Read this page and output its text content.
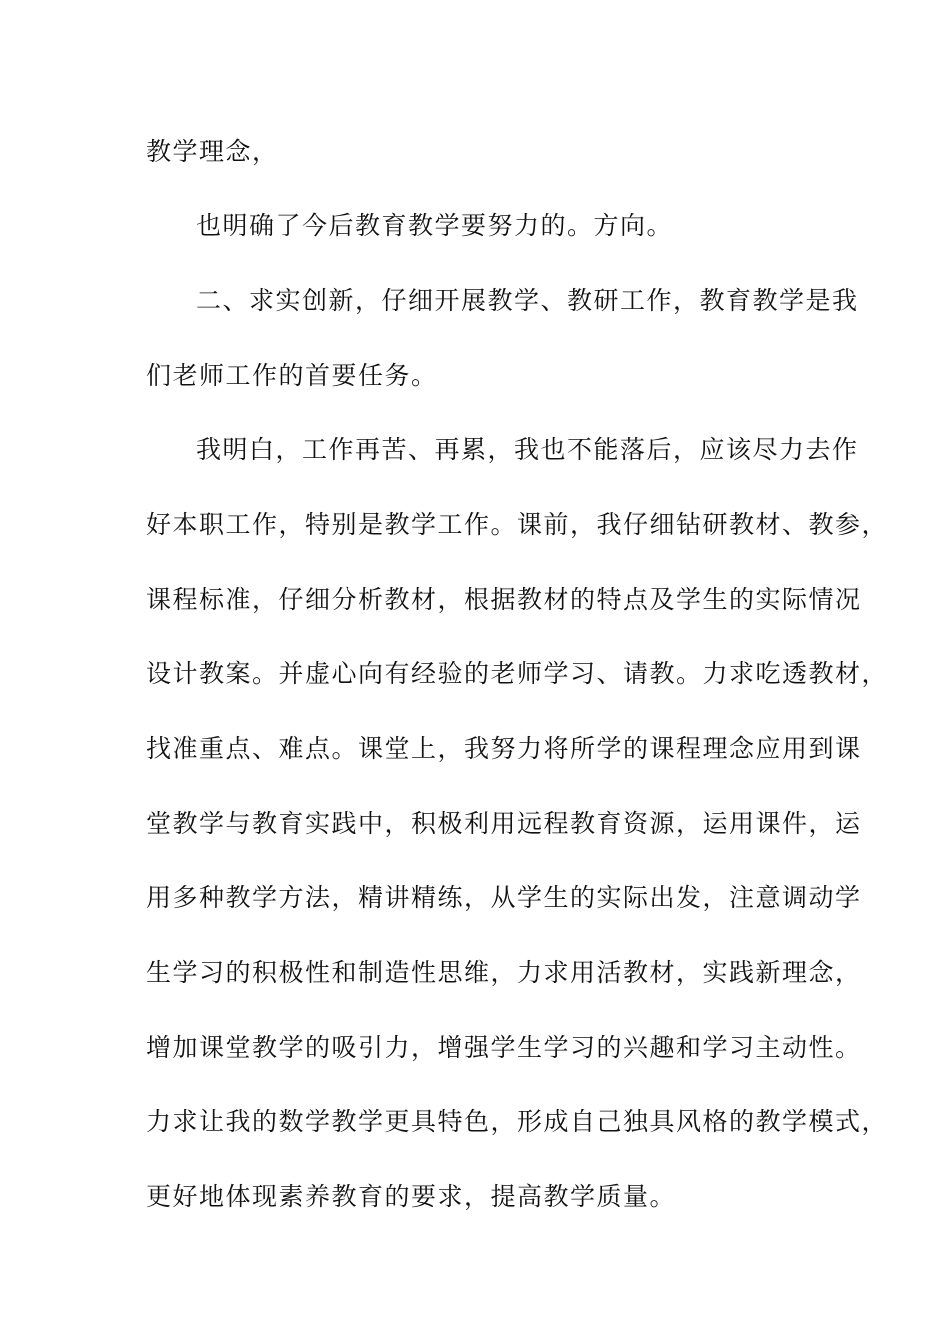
教学理念，
也明确了今后教育教学要努力的。方向。
二、求实创新，仔细开展教学、教研工作，教育教学是我
们老师工作的首要任务。
我明白，工作再苦、再累，我也不能落后，应该尽力去作
好本职工作，特别是教学工作。课前，我仔细钻研教材、教参，
课程标准，仔细分析教材，根据教材的特点及学生的实际情况
设计教案。并虚心向有经验的老师学习、请教。力求吃透教材，
找准重点、难点。课堂上，我努力将所学的课程理念应用到课
堂教学与教育实践中，积极利用远程教育资源，运用课件，运
用多种教学方法，精讲精练，从学生的实际出发，注意调动学
生学习的积极性和制造性思维，力求用活教材，实践新理念，
增加课堂教学的吸引力，增强学生学习的兴趣和学习主动性。
力求让我的数学教学更具特色，形成自己独具风格的教学模式，
更好地体现素养教育的要求，提高教学质量。
